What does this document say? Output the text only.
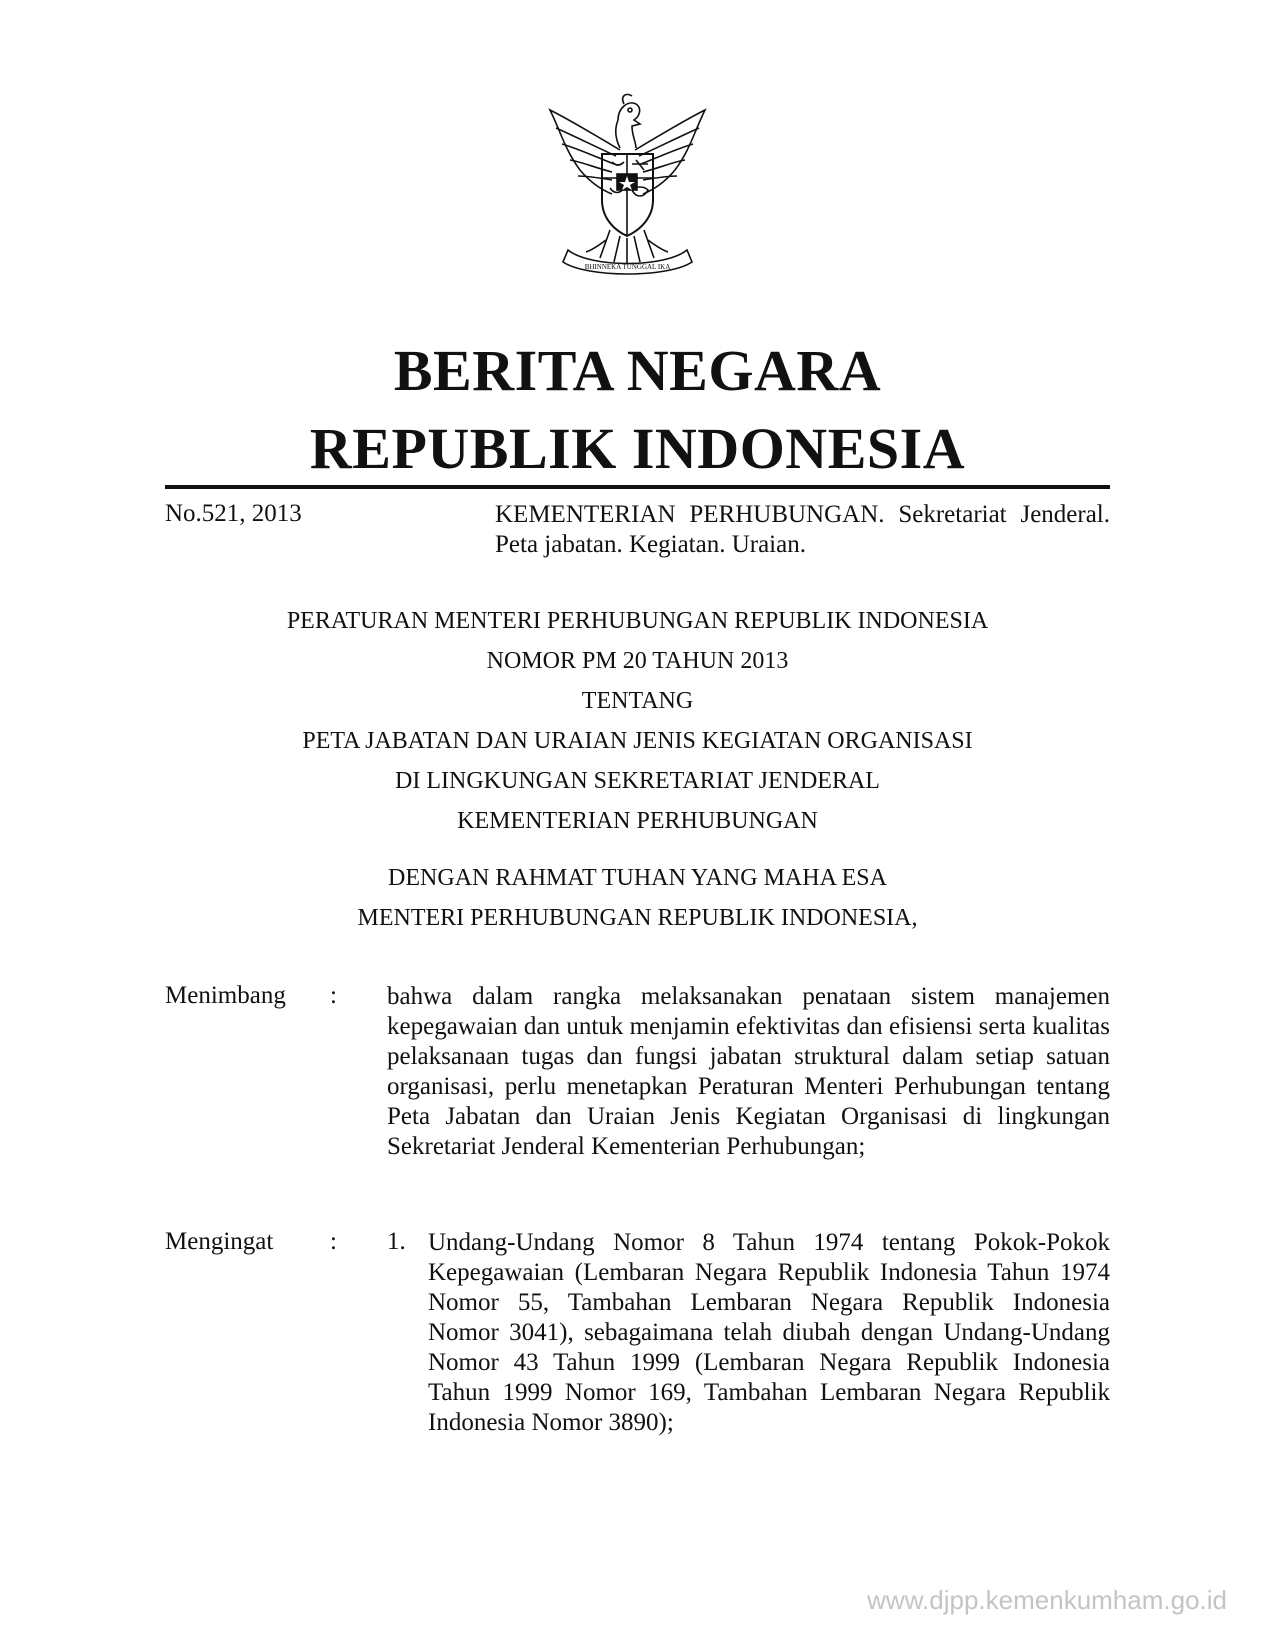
BHINNEKA TUNGGAL IKA
BERITA NEGARA
REPUBLIK INDONESIA
No.521, 2013	KEMENTERIAN PERHUBUNGAN. Sekretariat Jenderal. Peta jabatan. Kegiatan. Uraian.
PERATURAN MENTERI PERHUBUNGAN REPUBLIK INDONESIA
NOMOR PM 20 TAHUN 2013
TENTANG
PETA JABATAN DAN URAIAN JENIS KEGIATAN ORGANISASI
DI LINGKUNGAN SEKRETARIAT JENDERAL
KEMENTERIAN PERHUBUNGAN
DENGAN RAHMAT TUHAN YANG MAHA ESA
MENTERI PERHUBUNGAN REPUBLIK INDONESIA,
Menimbang : bahwa dalam rangka melaksanakan penataan sistem manajemen kepegawaian dan untuk menjamin efektivitas dan efisiensi serta kualitas pelaksanaan tugas dan fungsi jabatan struktural dalam setiap satuan organisasi, perlu menetapkan Peraturan Menteri Perhubungan tentang Peta Jabatan dan Uraian Jenis Kegiatan Organisasi di lingkungan Sekretariat Jenderal Kementerian Perhubungan;
Mengingat : 1. Undang-Undang Nomor 8 Tahun 1974 tentang Pokok-Pokok Kepegawaian (Lembaran Negara Republik Indonesia Tahun 1974 Nomor 55, Tambahan Lembaran Negara Republik Indonesia Nomor 3041), sebagaimana telah diubah dengan Undang-Undang Nomor 43 Tahun 1999 (Lembaran Negara Republik Indonesia Tahun 1999 Nomor 169, Tambahan Lembaran Negara Republik Indonesia Nomor 3890);
www.djpp.kemenkumham.go.id
